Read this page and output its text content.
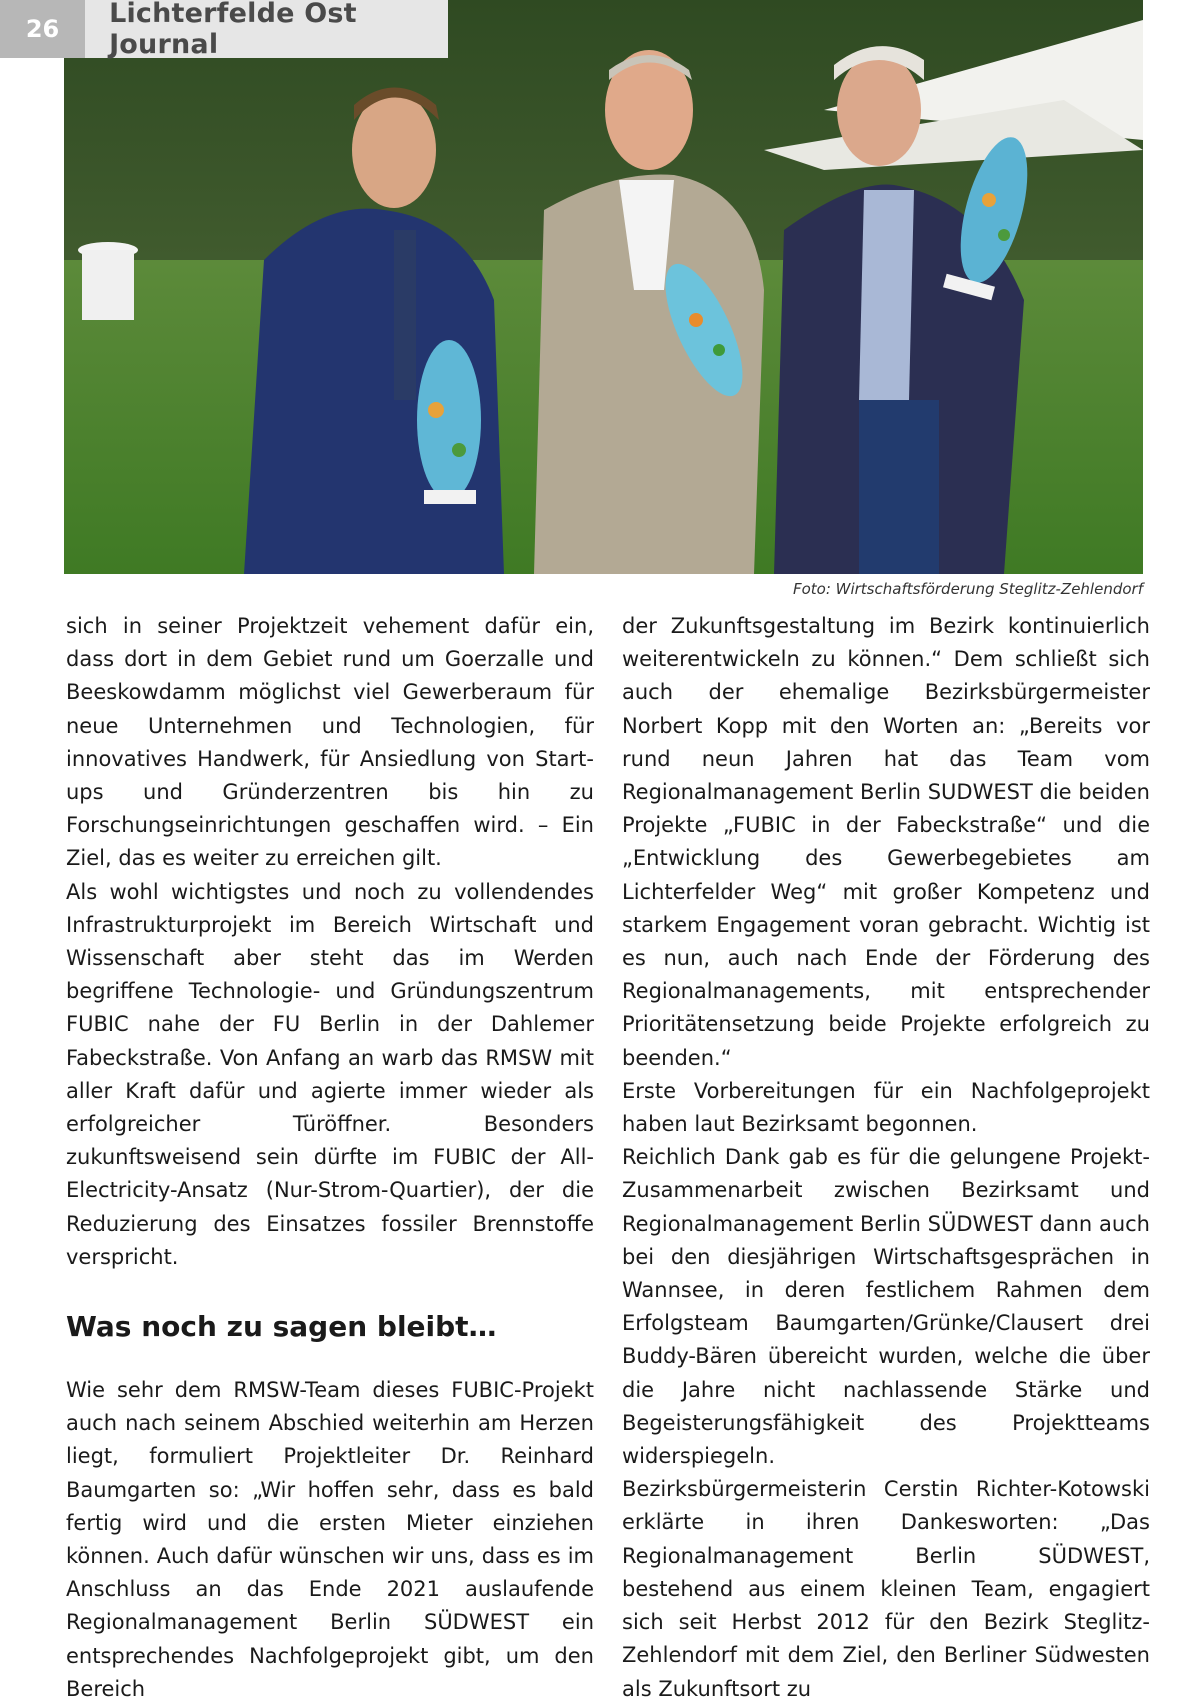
26	Lichterfelde Ost Journal
Foto: Wirtschaftsförderung Steglitz-Zehlendorf

sich in seiner Projektzeit vehement dafür ein, dass dort in dem Gebiet rund um Goerzalle und Beeskowdamm möglichst viel Gewerberaum für neue Unternehmen und Technologien, für innovatives Handwerk, für Ansiedlung von Start-ups und Gründerzentren bis hin zu Forschungseinrichtungen geschaffen wird. – Ein Ziel, das es weiter zu erreichen gilt.

Als wohl wichtigstes und noch zu vollendendes Infrastrukturprojekt im Bereich Wirtschaft und Wissenschaft aber steht das im Werden begriffene Technologie- und Gründungszentrum FUBIC nahe der FU Berlin in der Dahlemer Fabeckstraße. Von Anfang an warb das RMSW mit aller Kraft dafür und agierte immer wieder als erfolgreicher Türöffner. Besonders zukunftsweisend sein dürfte im FUBIC der All-Electricity-Ansatz (Nur-Strom-Quartier), der die Reduzierung des Einsatzes fossiler Brennstoffe verspricht.

Was noch zu sagen bleibt…

Wie sehr dem RMSW-Team dieses FUBIC-Projekt auch nach seinem Abschied weiterhin am Herzen liegt, formuliert Projektleiter Dr. Reinhard Baumgarten so: „Wir hoffen sehr, dass es bald fertig wird und die ersten Mieter einziehen können. Auch dafür wünschen wir uns, dass es im Anschluss an das Ende 2021 auslaufende Regionalmanagement Berlin SÜDWEST ein entsprechendes Nachfolgeprojekt gibt, um den Bereich

der Zukunftsgestaltung im Bezirk kontinuierlich weiterentwickeln zu können.“ Dem schließt sich auch der ehemalige Bezirksbürgermeister Norbert Kopp mit den Worten an: „Bereits vor rund neun Jahren hat das Team vom Regionalmanagement Berlin SUDWEST die beiden Projekte „FUBIC in der Fabeckstraße“ und die „Entwicklung des Gewerbegebietes am Lichterfelder Weg“ mit großer Kompetenz und starkem Engagement voran gebracht. Wichtig ist es nun, auch nach Ende der Förderung des Regionalmanagements, mit entsprechender Prioritätensetzung beide Projekte erfolgreich zu beenden.“

Erste Vorbereitungen für ein Nachfolgeprojekt haben laut Bezirksamt begonnen.

Reichlich Dank gab es für die gelungene Projekt-Zusammenarbeit zwischen Bezirksamt und Regionalmanagement Berlin SÜDWEST dann auch bei den diesjährigen Wirtschaftsgesprächen in Wannsee, in deren festlichem Rahmen dem Erfolgsteam Baumgarten/Grünke/Clausert drei Buddy-Bären übereicht wurden, welche die über die Jahre nicht nachlassende Stärke und Begeisterungsfähigkeit des Projektteams widerspiegeln.

Bezirksbürgermeisterin Cerstin Richter-Kotowski erklärte in ihren Dankesworten: „Das Regionalmanagement Berlin SÜDWEST, bestehend aus einem kleinen Team, engagiert sich seit Herbst 2012 für den Bezirk Steglitz-Zehlendorf mit dem Ziel, den Berliner Südwesten als Zukunftsort zu
